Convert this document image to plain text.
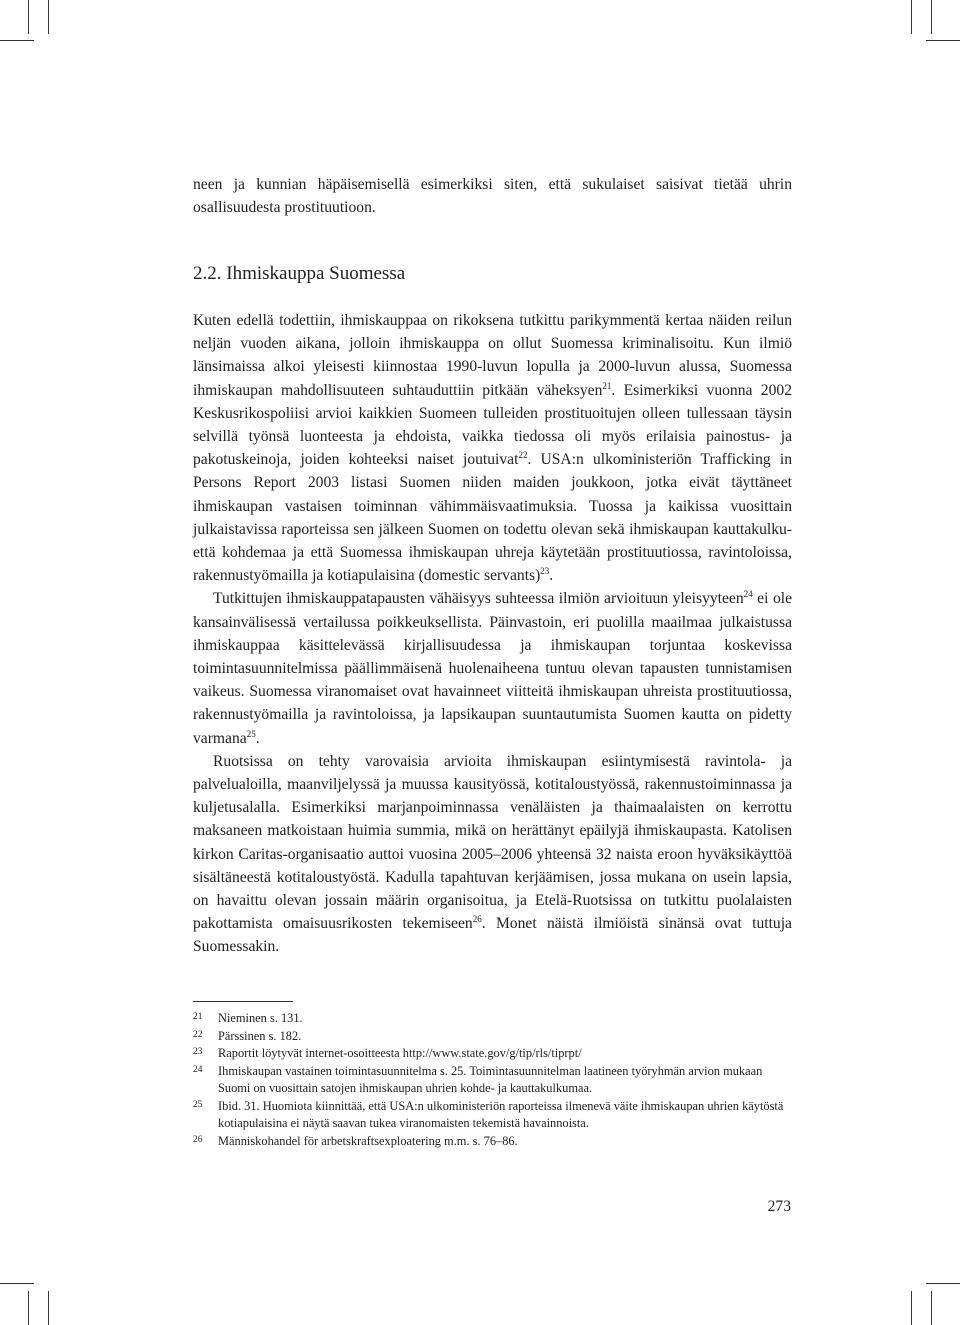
neen ja kunnian häpäisemisellä esimerkiksi siten, että sukulaiset saisivat tietää uhrin osallisuudesta prostituutioon.

2.2. Ihmiskauppa Suomessa

Kuten edellä todettiin, ihmiskauppaa on rikoksena tutkittu parikymmentä kertaa näiden reilun neljän vuoden aikana, jolloin ihmiskauppa on ollut Suomessa kriminalisoitu. Kun ilmiö länsimaissa alkoi yleisesti kiinnostaa 1990-luvun lopulla ja 2000-luvun alussa, Suomessa ihmiskaupan mahdollisuuteen suhtauduttiin pitkään väheksyen$^{21}$. Esimerkiksi vuonna 2002 Keskusrikospoliisi arvioi kaikkien Suomeen tulleiden prostituoitujen olleen tullessaan täysin selvillä työnsä luonteesta ja ehdoista, vaikka tiedossa oli myös erilaisia painostus- ja pakotuskeinoja, joiden kohteeksi naiset joutuivat$^{22}$. USA:n ulkoministeriön Trafficking in Persons Report 2003 listasi Suomen niiden maiden joukkoon, jotka eivät täyttäneet ihmiskaupan vastaisen toiminnan vähimmäisvaatimuksia. Tuossa ja kaikissa vuosittain julkaistavissa raporteissa sen jälkeen Suomen on todettu olevan sekä ihmiskaupan kauttakulku- että kohdemaa ja että Suomessa ihmiskaupan uhreja käytetään prostituutiossa, ravintoloissa, rakennustyömailla ja kotiapulaisina (domestic servants)$^{23}$.

Tutkittujen ihmiskauppatapausten vähäisyys suhteessa ilmiön arvioituun yleisyyteen$^{24}$ ei ole kansainvälisessä vertailussa poikkeuksellista. Päinvastoin, eri puolilla maailmaa julkaistussa ihmiskauppaa käsittelevässä kirjallisuudessa ja ihmiskaupan torjuntaa koskevissa toimintasuunnitelmissa päällimmäisenä huolenaiheena tuntuu olevan tapausten tunnistamisen vaikeus. Suomessa viranomaiset ovat havainneet viitteitä ihmiskaupan uhreista prostituutiossa, rakennustyömailla ja ravintoloissa, ja lapsikaupan suuntautumista Suomen kautta on pidetty varmana$^{25}$.

Ruotsissa on tehty varovaisia arvioita ihmiskaupan esiintymisestä ravintola- ja palvelualoilla, maanviljelyssä ja muussa kausityössä, kotitaloustyössä, rakennustoiminnassa ja kuljetusalalla. Esimerkiksi marjanpoiminnassa venäläisten ja thaimaalaisten on kerrottu maksaneen matkoistaan huimia summia, mikä on herättänyt epäilyjä ihmiskaupasta. Katolisen kirkon Caritas-organisaatio auttoi vuosina 2005–2006 yhteensä 32 naista eroon hyväksikäyttöä sisältäneestä kotitaloustyöstä. Kadulla tapahtuvan kerjäämisen, jossa mukana on usein lapsia, on havaittu olevan jossain määrin organisoitua, ja Etelä-Ruotsissa on tutkittu puolalaisten pakottamista omaisuusrikosten tekemiseen$^{26}$. Monet näistä ilmiöistä sinänsä ovat tuttuja Suomessakin.

21	Nieminen s. 131.

22	Pärssinen s. 182.

23	Raportit löytyvät internet-osoitteesta http://www.state.gov/g/tip/rls/tiprpt/

24	Ihmiskaupan vastainen toimintasuunnitelma s. 25. Toimintasuunnitelman laatineen työryhmän arvion mukaan Suomi on vuosittain satojen ihmiskaupan uhrien kohde- ja kauttakulkumaa.

25	Ibid. 31. Huomiota kiinnittää, että USA:n ulkoministeriön raporteissa ilmenevä väite ihmiskaupan uhrien käytöstä kotiapulaisina ei näytä saavan tukea viranomaisten tekemistä havainnoista.

26	Människohandel för arbetskraftsexploatering m.m. s. 76–86.

273
